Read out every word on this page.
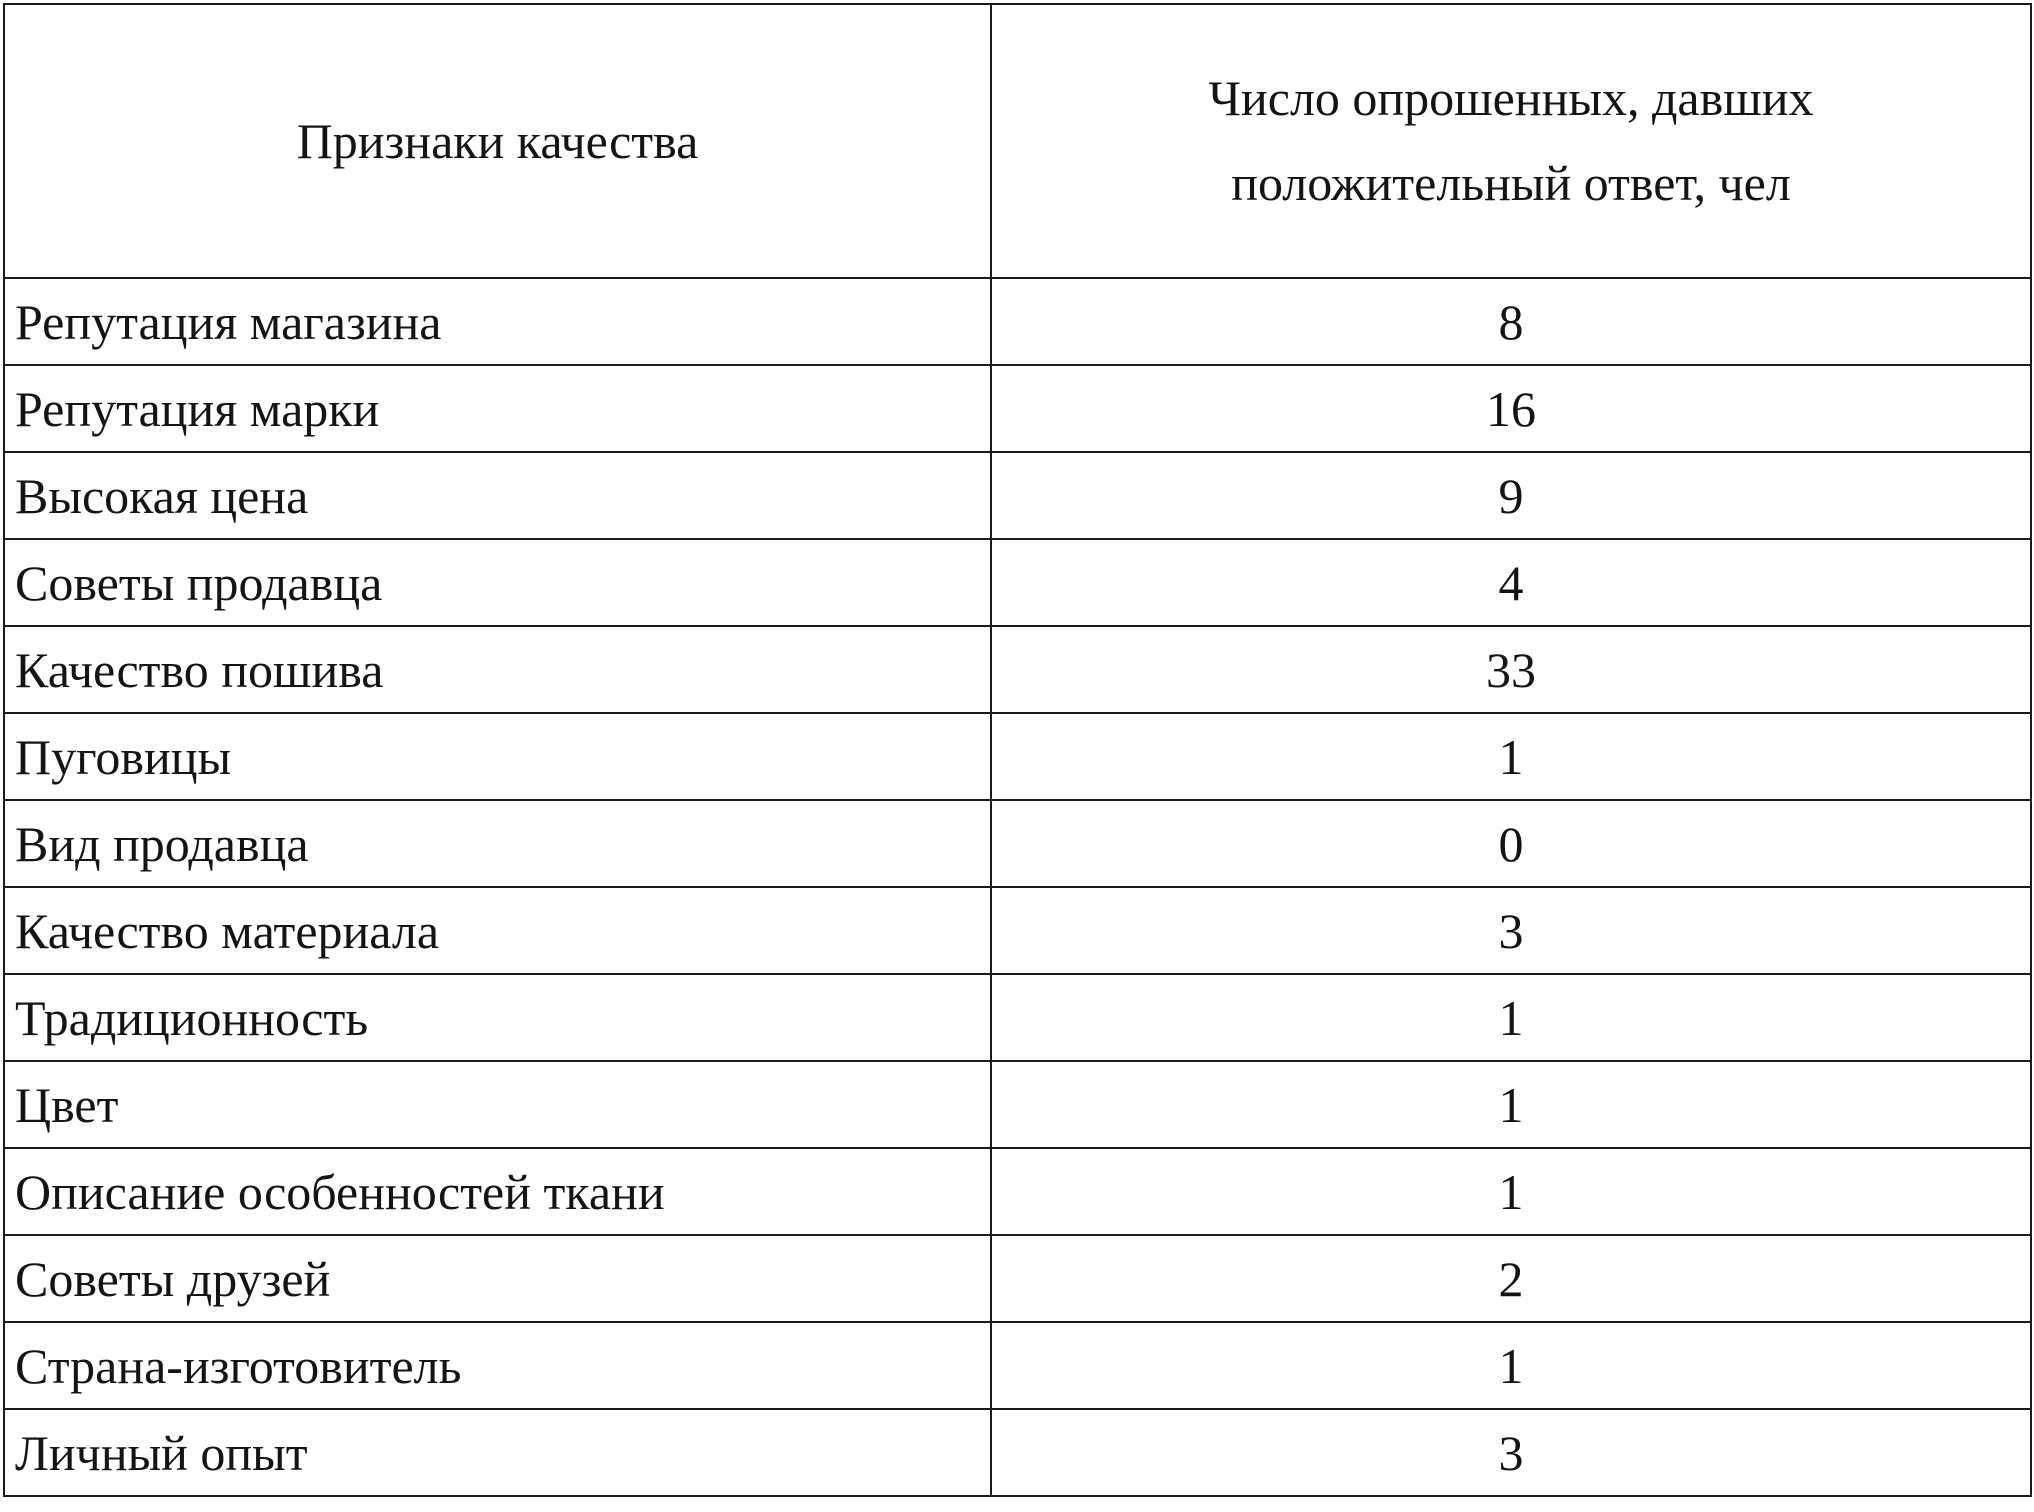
Признаки качества	Число опрошенных, давших положительный ответ, чел
Репутация магазина	8
Репутация марки	16
Высокая цена	9
Советы продавца	4
Качество пошива	33
Пуговицы	1
Вид продавца	0
Качество материала	3
Традиционность	1
Цвет	1
Описание особенностей ткани	1
Советы друзей	2
Страна-изготовитель	1
Личный опыт	3
